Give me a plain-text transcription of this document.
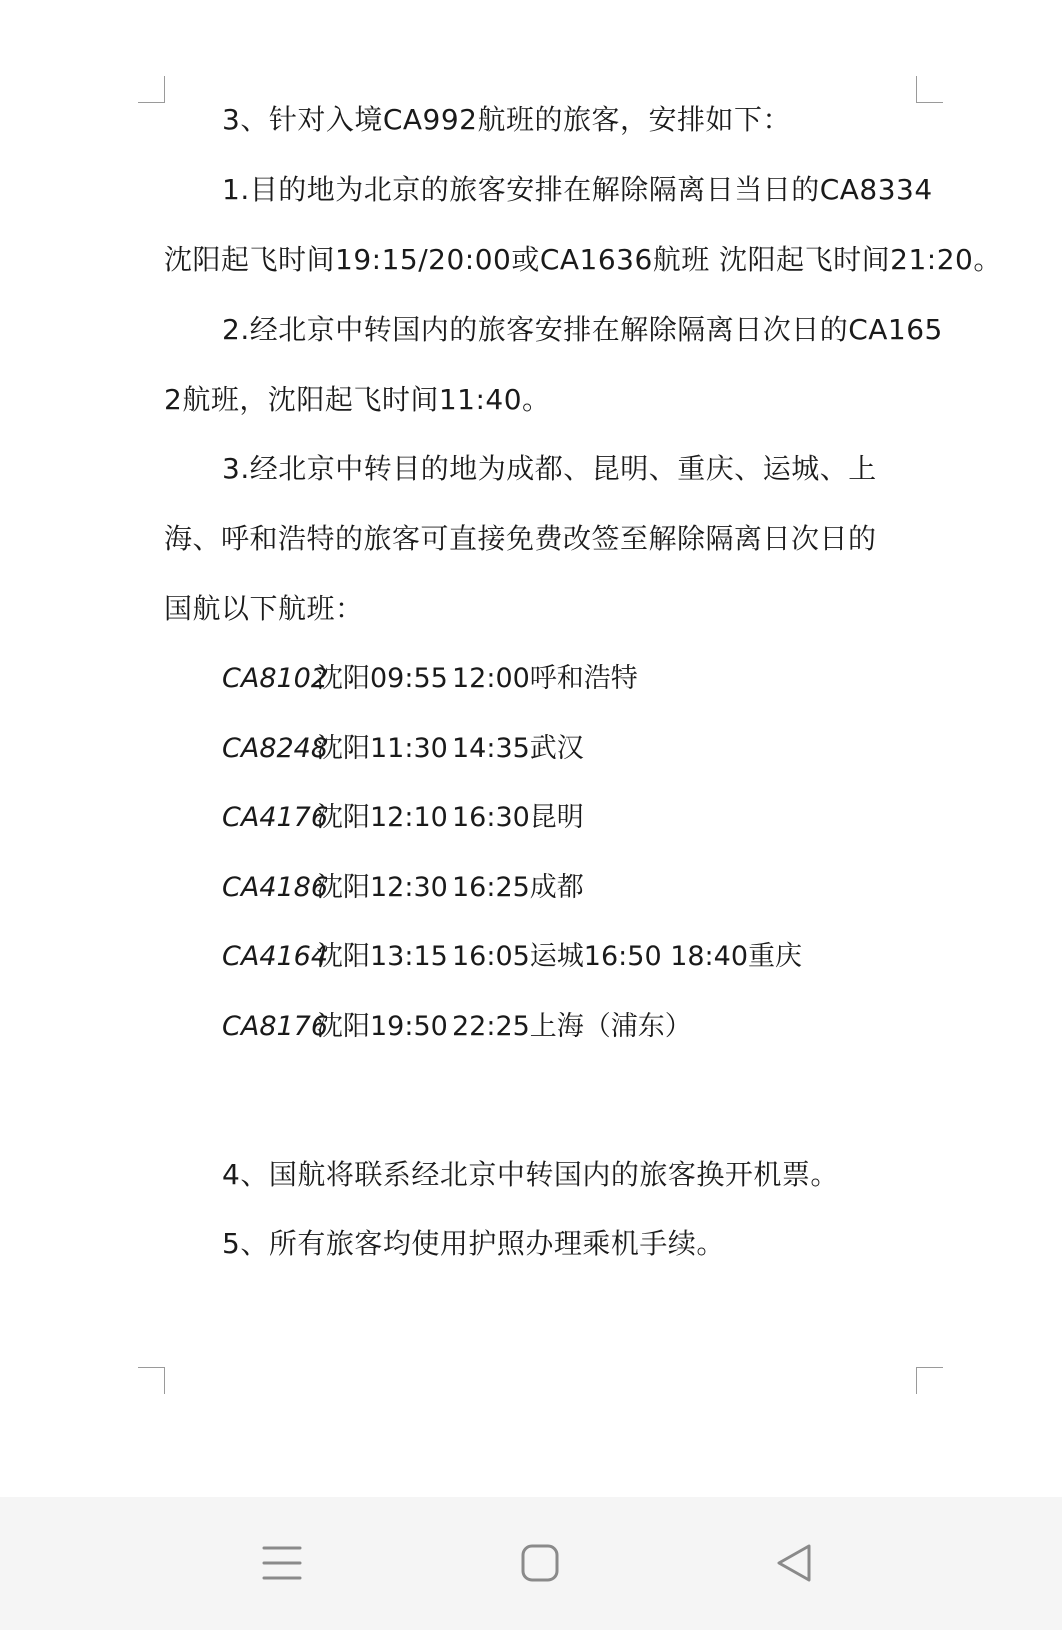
3、针对入境CA992航班的旅客，安排如下：
1.目的地为北京的旅客安排在解除隔离日当日的CA8334
沈阳起飞时间19:15/20:00或CA1636航班 沈阳起飞时间21:20。
2.经北京中转国内的旅客安排在解除隔离日次日的CA165
2航班，沈阳起飞时间11:40。
3.经北京中转目的地为成都、昆明、重庆、运城、上
海、呼和浩特的旅客可直接免费改签至解除隔离日次日的
国航以下航班：
CA8102沈阳09:55 12:00呼和浩特
CA8248沈阳11:30 14:35武汉
CA4176沈阳12:10 16:30昆明
CA4186沈阳12:30 16:25成都
CA4164沈阳13:15 16:05运城16:50 18:40重庆
CA8176沈阳19:50 22:25上海（浦东）
4、国航将联系经北京中转国内的旅客换开机票。
5、所有旅客均使用护照办理乘机手续。
